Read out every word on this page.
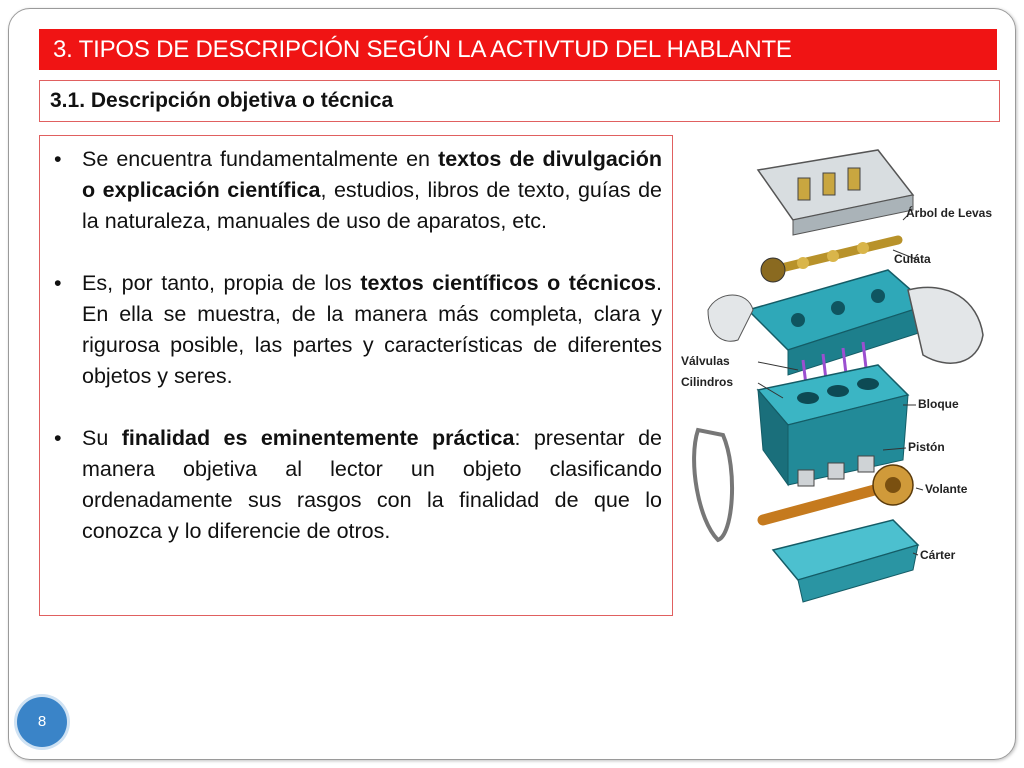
3. TIPOS DE DESCRIPCIÓN SEGÚN LA ACTIVTUD DEL HABLANTE
3.1. Descripción objetiva o técnica
• Se encuentra fundamentalmente en textos de divulgación o explicación científica, estudios, libros de texto, guías de la naturaleza, manuales de uso de aparatos, etc.
• Es, por tanto, propia de los textos científicos o técnicos. En ella se muestra, de la manera más completa, clara y rigurosa posible, las partes y características de diferentes objetos y seres.
• Su finalidad es eminentemente práctica: presentar de manera objetiva al lector un objeto clasificando ordenadamente sus rasgos con la finalidad de que lo conozca y lo diferencie de otros.
Árbol de Levas
Culáta
Válvulas
Cilindros
Bloque
Pistón
Volante
Cárter
8
